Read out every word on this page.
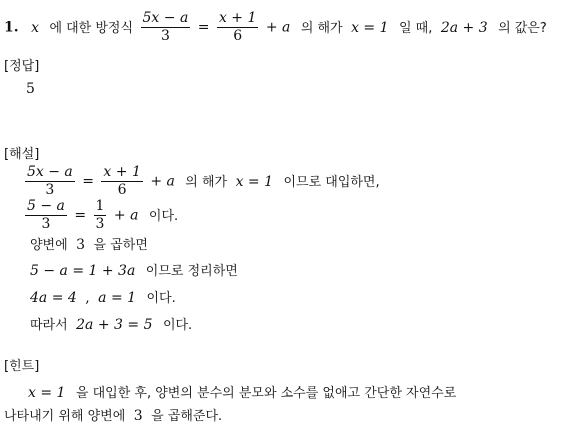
1. x 에 대한 방정식 $\frac{5x - a}{3} = \frac{x + 1}{6} + a$ 의 해가 x = 1 일 때, 2a + 3 의 값은?
[정답]
5
[해설]
$\frac{5x - a}{3} = \frac{x + 1}{6} + a$ 의 해가 x = 1 이므로 대입하면,
$\frac{5 - a}{3} = \frac{1}{3} + a$ 이다.
양변에 3 을 곱하면
5 − a = 1 + 3a 이므로 정리하면
4a = 4 , a = 1 이다.
따라서 2a + 3 = 5 이다.
[힌트]
x = 1 을 대입한 후, 양변의 분수의 분모와 소수를 없애고 간단한 자연수로
나타내기 위해 양변에 3 을 곱해준다.
